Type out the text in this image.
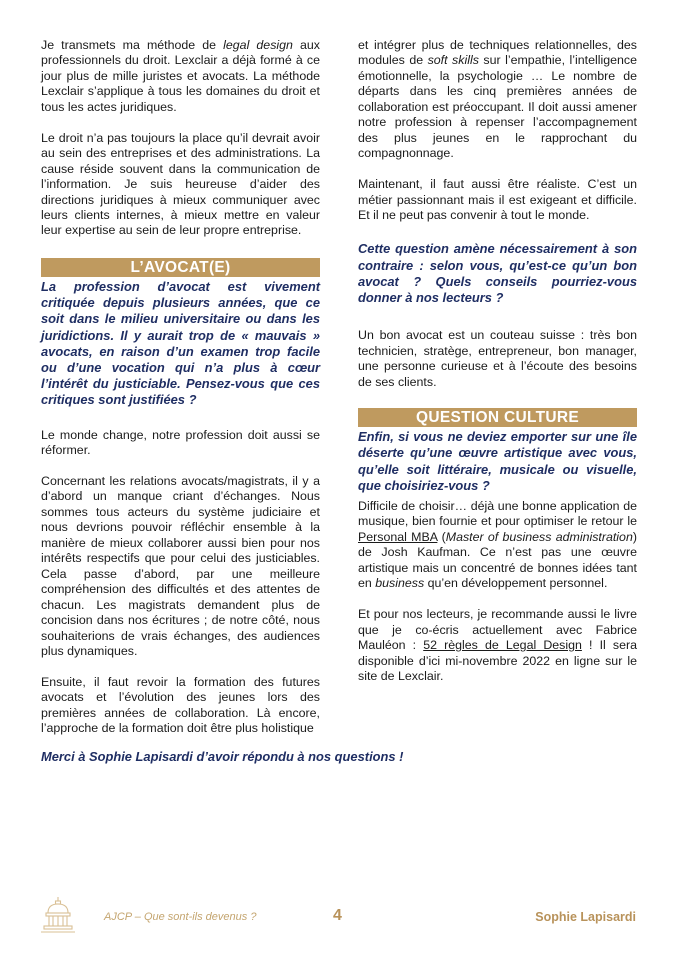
Je transmets ma méthode de legal design aux professionnels du droit. Lexclair a déjà formé à ce jour plus de mille juristes et avocats. La méthode Lexclair s’applique à tous les domaines du droit et tous les actes juridiques.

Le droit n’a pas toujours la place qu’il devrait avoir au sein des entreprises et des administrations. La cause réside souvent dans la communication de l’information. Je suis heureuse d’aider des directions juridiques à mieux communiquer avec leurs clients internes, à mieux mettre en valeur leur expertise au sein de leur propre entreprise.

L’AVOCAT(E)

La profession d’avocat est vivement critiquée depuis plusieurs années, que ce soit dans le milieu universitaire ou dans les juridictions. Il y aurait trop de « mauvais » avocats, en raison d’un examen trop facile ou d’une vocation qui n’a plus à cœur l’intérêt du justiciable. Pensez-vous que ces critiques sont justifiées ?

Le monde change, notre profession doit aussi se réformer.

Concernant les relations avocats/magistrats, il y a d’abord un manque criant d’échanges. Nous sommes tous acteurs du système judiciaire et nous devrions pouvoir réfléchir ensemble à la manière de mieux collaborer aussi bien pour nos intérêts respectifs que pour celui des justiciables. Cela passe d’abord, par une meilleure compréhension des difficultés et des attentes de chacun. Les magistrats demandent plus de concision dans nos écritures ; de notre côté, nous souhaiterions de vrais échanges, des audiences plus dynamiques.

Ensuite, il faut revoir la formation des futures avocats et l’évolution des jeunes lors des premières années de collaboration. Là encore, l’approche de la formation doit être plus holistique

et intégrer plus de techniques relationnelles, des modules de soft skills sur l’empathie, l’intelligence émotionnelle, la psychologie … Le nombre de départs dans les cinq premières années de collaboration est préoccupant. Il doit aussi amener notre profession à repenser l’accompagnement des plus jeunes en le rapprochant du compagnonnage.

Maintenant, il faut aussi être réaliste. C’est un métier passionnant mais il est exigeant et difficile. Et il ne peut pas convenir à tout le monde.

Cette question amène nécessairement à son contraire : selon vous, qu’est-ce qu’un bon avocat ? Quels conseils pourriez-vous donner à nos lecteurs ?

Un bon avocat est un couteau suisse : très bon technicien, stratège, entrepreneur, bon manager, une personne curieuse et à l’écoute des besoins de ses clients.

QUESTION CULTURE

Enfin, si vous ne deviez emporter sur une île déserte qu’une œuvre artistique avec vous, qu’elle soit littéraire, musicale ou visuelle, que choisiriez-vous ?

Difficile de choisir… déjà une bonne application de musique, bien fournie et pour optimiser le retour le Personal MBA (Master of business administration) de Josh Kaufman. Ce n’est pas une œuvre artistique mais un concentré de bonnes idées tant en business qu’en développement personnel.

Et pour nos lecteurs, je recommande aussi le livre que je co-écris actuellement avec Fabrice Mauléon : 52 règles de Legal Design ! Il sera disponible d’ici mi-novembre 2022 en ligne sur le site de Lexclair.

Merci à Sophie Lapisardi d’avoir répondu à nos questions !

AJCP – Que sont-ils devenus ?	4	Sophie Lapisardi
